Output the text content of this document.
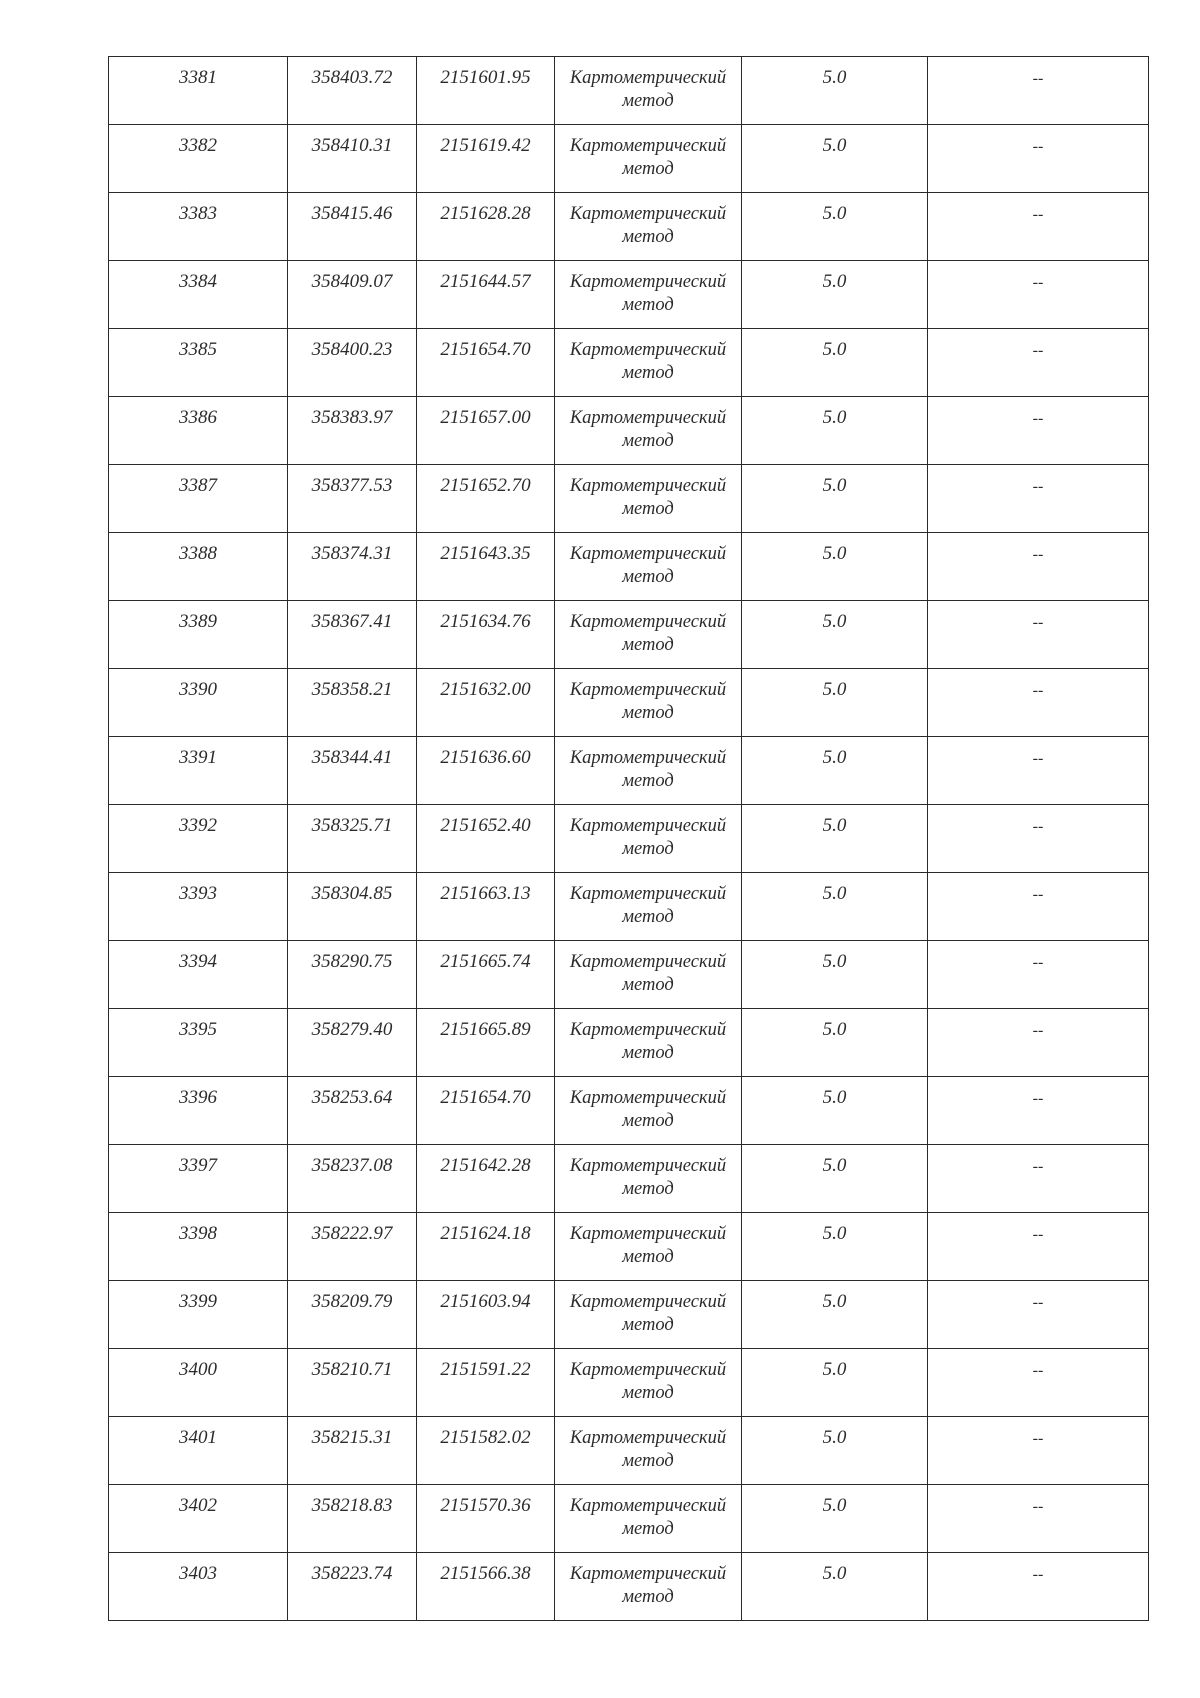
3381	358403.72	2151601.95	Картометрический
метод	5.0	--

3382	358410.31	2151619.42	Картометрический
метод	5.0	--

3383	358415.46	2151628.28	Картометрический
метод	5.0	--

3384	358409.07	2151644.57	Картометрический
метод	5.0	--

3385	358400.23	2151654.70	Картометрический
метод	5.0	--

3386	358383.97	2151657.00	Картометрический
метод	5.0	--

3387	358377.53	2151652.70	Картометрический
метод	5.0	--

3388	358374.31	2151643.35	Картометрический
метод	5.0	--

3389	358367.41	2151634.76	Картометрический
метод	5.0	--

3390	358358.21	2151632.00	Картометрический
метод	5.0	--

3391	358344.41	2151636.60	Картометрический
метод	5.0	--

3392	358325.71	2151652.40	Картометрический
метод	5.0	--

3393	358304.85	2151663.13	Картометрический
метод	5.0	--

3394	358290.75	2151665.74	Картометрический
метод	5.0	--

3395	358279.40	2151665.89	Картометрический
метод	5.0	--

3396	358253.64	2151654.70	Картометрический
метод	5.0	--

3397	358237.08	2151642.28	Картометрический
метод	5.0	--

3398	358222.97	2151624.18	Картометрический
метод	5.0	--

3399	358209.79	2151603.94	Картометрический
метод	5.0	--

3400	358210.71	2151591.22	Картометрический
метод	5.0	--

3401	358215.31	2151582.02	Картометрический
метод	5.0	--

3402	358218.83	2151570.36	Картометрический
метод	5.0	--

3403	358223.74	2151566.38	Картометрический
метод	5.0	--
